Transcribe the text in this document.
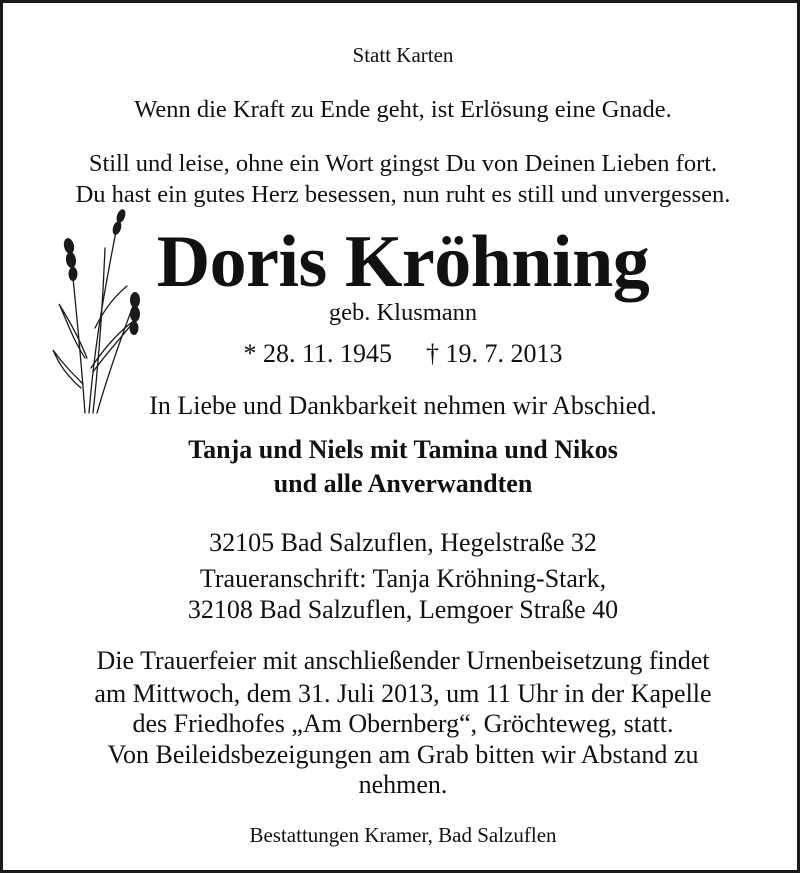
Statt Karten

Wenn die Kraft zu Ende geht, ist Erlösung eine Gnade.

Still und leise, ohne ein Wort gingst Du von Deinen Lieben fort.

Du hast ein gutes Herz besessen, nun ruht es still und unvergessen.

Doris Kröhning

geb. Klusmann

* 28. 11. 1945 † 19. 7. 2013

In Liebe und Dankbarkeit nehmen wir Abschied.

Tanja und Niels mit Tamina und Nikos

und alle Anverwandten

32105 Bad Salzuflen, Hegelstraße 32

Traueranschrift: Tanja Kröhning-Stark,

32108 Bad Salzuflen, Lemgoer Straße 40

Die Trauerfeier mit anschließender Urnenbeisetzung findet

am Mittwoch, dem 31. Juli 2013, um 11 Uhr in der Kapelle

des Friedhofes „Am Obernberg“, Gröchteweg, statt.

Von Beileidsbezeigungen am Grab bitten wir Abstand zu

nehmen.

Bestattungen Kramer, Bad Salzuflen
